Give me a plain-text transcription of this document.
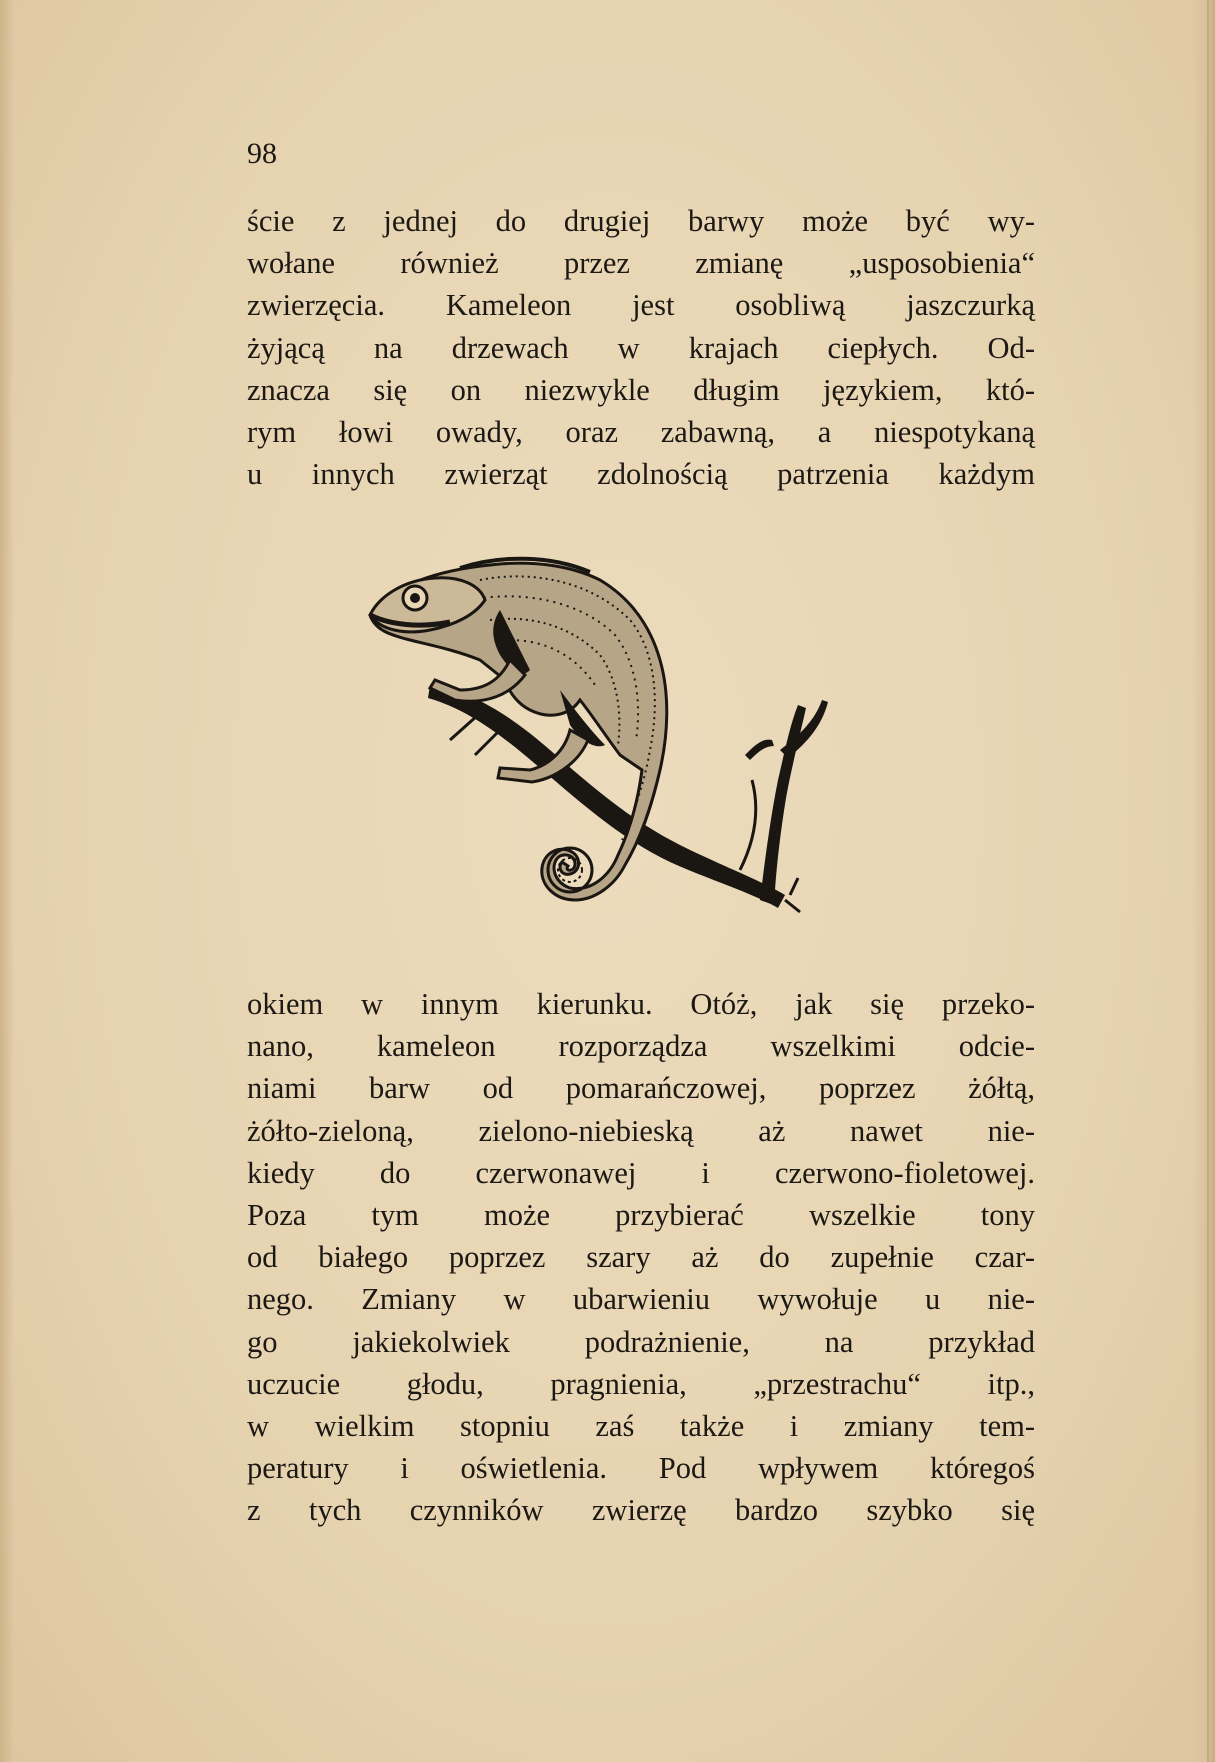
98
ście z jednej do drugiej barwy może być wy-
wołane również przez zmianę „usposobienia“
zwierzęcia. Kameleon jest osobliwą jaszczurką
żyjącą na drzewach w krajach ciepłych. Od-
znacza się on niezwykle długim językiem, któ-
rym łowi owady, oraz zabawną, a niespotykaną
u innych zwierząt zdolnością patrzenia każdym
okiem w innym kierunku. Otóż, jak się przeko-
nano, kameleon rozporządza wszelkimi odcie-
niami barw od pomarańczowej, poprzez żółtą,
żółto-zieloną, zielono-niebieską aż nawet nie-
kiedy do czerwonawej i czerwono-fioletowej.
Poza tym może przybierać wszelkie tony
od białego poprzez szary aż do zupełnie czar-
nego. Zmiany w ubarwieniu wywołuje u nie-
go jakiekolwiek podrażnienie, na przykład
uczucie głodu, pragnienia, „przestrachu“ itp.,
w wielkim stopniu zaś także i zmiany tem-
peratury i oświetlenia. Pod wpływem któregoś
z tych czynników zwierzę bardzo szybko się
